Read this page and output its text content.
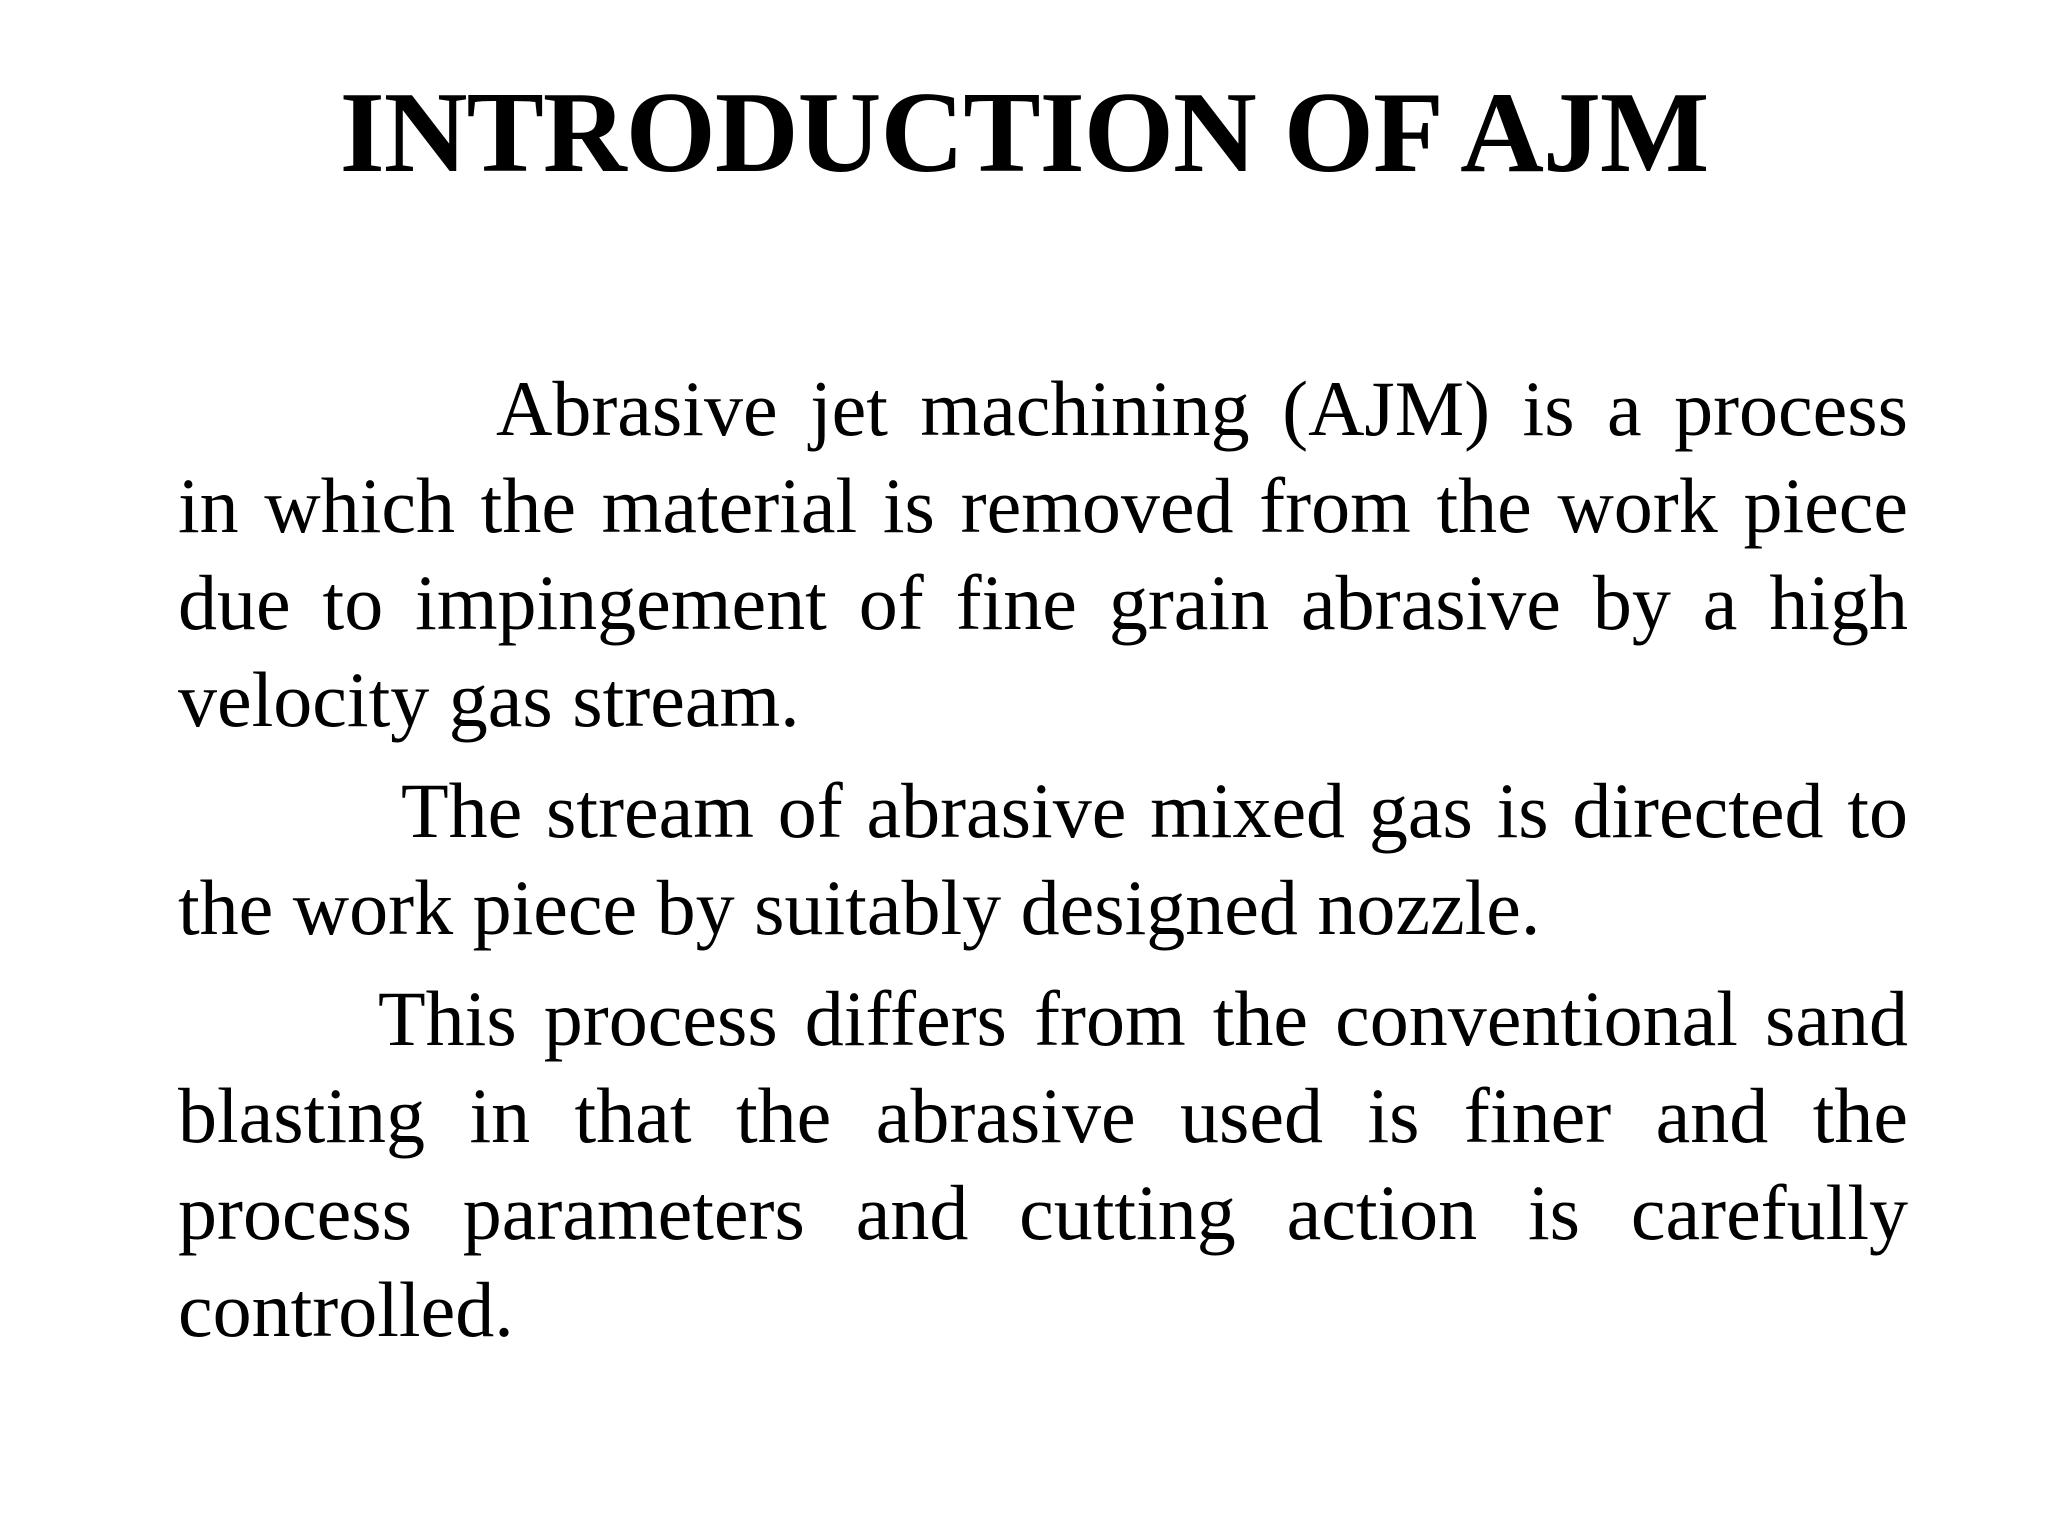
INTRODUCTION OF AJM

Abrasive jet machining (AJM) is a process in which the material is removed from the work piece due to impingement of fine grain abrasive by a high velocity gas stream.

The stream of abrasive mixed gas is directed to the work piece by suitably designed nozzle.

This process differs from the conventional sand blasting in that the abrasive used is finer and the process parameters and cutting action is carefully controlled.
